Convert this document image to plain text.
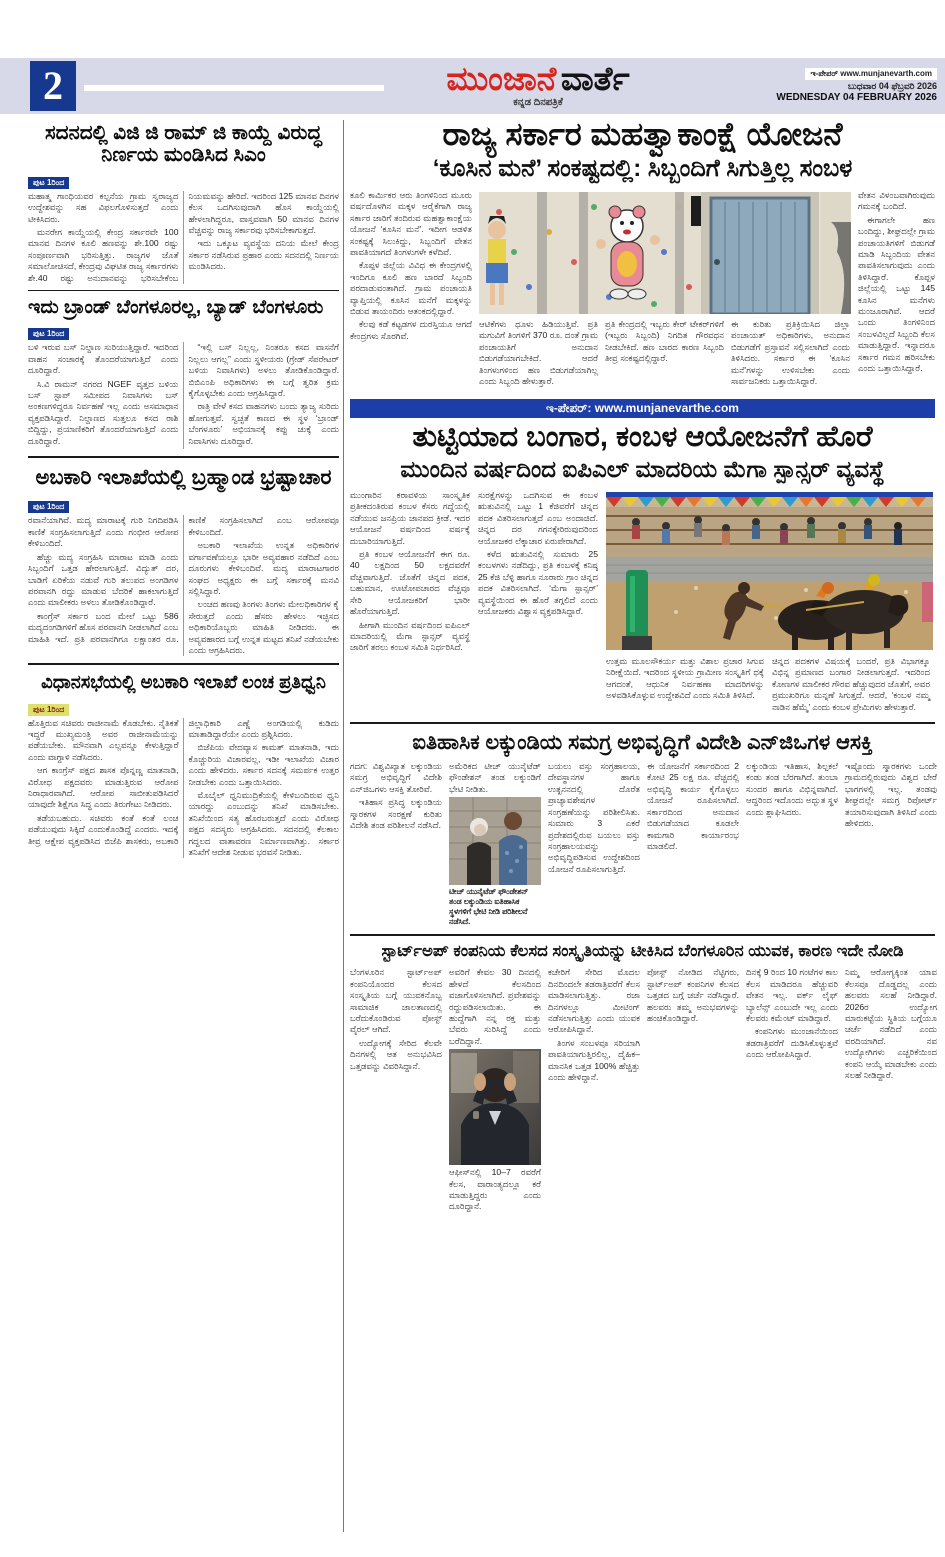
2	ಮುಂಜಾನೆ ವಾರ್ತೆ
ಕನ್ನಡ ದಿನಪತ್ರಿಕೆ
ಇ-ಪೇಪರ್ www.munjanevarth.com
ಬುಧವಾರ 04 ಫೆಬ್ರವರಿ 2026
WEDNESDAY 04 FEBRUARY 2026
ಸದನದಲ್ಲಿ ವಿಜಿ ಜಿ ರಾಮ್ ಜಿ ಕಾಯ್ದೆ ವಿರುದ್ಧ ನಿರ್ಣಯ ಮಂಡಿಸಿದ ಸಿಎಂ
ಪುಟ 1ರಿಂದ

ಮಹಾತ್ಮ ಗಾಂಧಿಯವರ ಕಲ್ಪನೆಯ ಗ್ರಾಮ ಸ್ವರಾಜ್ಯದ ಉದ್ದೇಶವನ್ನು ಸಹ ವಿಫಲಗೊಳಿಸುತ್ತದೆ ಎಂದು ಟೀಕಿಸಿದರು.

ಮನರೇಗ ಕಾಯ್ದೆಯಲ್ಲಿ ಕೇಂದ್ರ ಸರ್ಕಾರವೇ 100 ಮಾನವ ದಿನಗಳ ಕೂಲಿ ಹಣವನ್ನು ಶೇ.100 ರಷ್ಟು ಸಂಪೂರ್ಣವಾಗಿ ಭರಿಸುತ್ತಿತ್ತು. ರಾಜ್ಯಗಳ ಜೊತೆ ಸಮಾಲೋಚಿಸದೆ, ಕೇಂದ್ರವು ವಿಘಟಿತ ರಾಜ್ಯ ಸರ್ಕಾರಗಳು ಶೇ.40 ರಷ್ಟು ಅನುದಾನವನ್ನು ಭರಿಸಬೇಕೆಂಬ ನಿಯಮವನ್ನು ಹೇರಿದೆ. ಇದರಿಂದ 125 ಮಾನವ ದಿನಗಳ ಕೆಲಸ ಒದಗಿಸುವುದಾಗಿ ಹೊಸ ಕಾಯ್ದೆಯಲ್ಲಿ ಹೇಳಲಾಗಿದ್ದರೂ, ವಾಸ್ತವವಾಗಿ 50 ಮಾನವ ದಿನಗಳ ವೆಚ್ಚವನ್ನು ರಾಜ್ಯ ಸರ್ಕಾರವು ಭರಿಸಬೇಕಾಗುತ್ತದೆ.

ಇದು ಒಕ್ಕೂಟ ವ್ಯವಸ್ಥೆಯ ದನಿಯ ಮೇಲೆ ಕೇಂದ್ರ ಸರ್ಕಾರ ನಡೆಸಿರುವ ಪ್ರಹಾರ ಎಂದು ಸದನದಲ್ಲಿ ನಿರ್ಣಯ ಮಂಡಿಸಿದರು.

ಇದು ಬ್ರಾಂಡ್ ಬೆಂಗಳೂರಲ್ಲ, ಬ್ಯಾಡ್ ಬೆಂಗಳೂರು
ಪುಟ 1ರಿಂದ

ಬಳಿ ಇರುವ ಬಸ್ ನಿಲ್ದಾಣ ಸುರಿಯುತ್ತಿದ್ದಾರೆ. ಇದರಿಂದ ವಾಹನ ಸಂಚಾರಕ್ಕೆ ತೊಂದರೆಯಾಗುತ್ತಿದೆ ಎಂದು ದೂರಿದ್ದಾರೆ.

ಸಿ.ವಿ ರಾಮನ್ ನಗರದ NGEF ವೃತ್ತದ ಬಳಿಯ ಬಸ್ ಸ್ಟಾಪ್ ಸಮೀಪದ ನಿವಾಸಿಗಳು ಬಸ್ ಅಂಕಣಗಳಿದ್ದರೂ ನಿರ್ವಹಣೆ ಇಲ್ಲ ಎಂದು ಅಸಮಾಧಾನ ವ್ಯಕ್ತಪಡಿಸಿದ್ದಾರೆ. ನಿಲ್ದಾಣದ ಸುತ್ತಲೂ ಕಸದ ರಾಶಿ ಬಿದ್ದಿದ್ದು, ಪ್ರಯಾಣಿಕರಿಗೆ ತೊಂದರೆಯಾಗುತ್ತಿದೆ ಎಂದು ದೂರಿದ್ದಾರೆ.

“ಇಲ್ಲಿ ಬಸ್ ನಿಲ್ಲಲ್ಲ, ನಿಂತರೂ ಕಸದ ವಾಸನೆಗೆ ನಿಲ್ಲಲು ಆಗಲ್ಲ” ಎಂದು ಸ್ಥಳೀಯರು (ಗ್ರೇಡ್ ಸೆಪರೇಟರ್ ಬಳಿಯ ನಿವಾಸಿಗಳು) ಅಳಲು ತೋಡಿಕೊಂಡಿದ್ದಾರೆ. ಬಿಬಿಎಂಪಿ ಅಧಿಕಾರಿಗಳು ಈ ಬಗ್ಗೆ ತ್ವರಿತ ಕ್ರಮ ಕೈಗೊಳ್ಳಬೇಕು ಎಂದು ಆಗ್ರಹಿಸಿದ್ದಾರೆ.

ರಾತ್ರಿ ವೇಳೆ ಕಸದ ವಾಹನಗಳು ಬಂದು ತ್ಯಾಜ್ಯ ಸುರಿದು ಹೋಗುತ್ತವೆ. ಸ್ವಚ್ಛತೆ ಕಾಣದ ಈ ಸ್ಥಳ ‘ಬ್ರಾಂಡ್ ಬೆಂಗಳೂರು’ ಅಭಿಯಾನಕ್ಕೆ ಕಪ್ಪು ಚುಕ್ಕೆ ಎಂದು ನಿವಾಸಿಗಳು ದೂರಿದ್ದಾರೆ.

ಅಬಕಾರಿ ಇಲಾಖೆಯಲ್ಲಿ ಬ್ರಹ್ಮಾಂಡ ಭ್ರಷ್ಟಾಚಾರ
ಪುಟ 1ರಿಂದ

ರವಾನೆಯಾಗಿವೆ. ಮದ್ಯ ಮಾರಾಟಕ್ಕೆ ಗುರಿ ನಿಗದಿಪಡಿಸಿ ಕಾಣಿಕೆ ಸಂಗ್ರಹಿಸಲಾಗುತ್ತಿದೆ ಎಂದು ಗಂಭೀರ ಆರೋಪ ಕೇಳಿಬಂದಿದೆ.

ಹೆಚ್ಚು ಮದ್ಯ ಸಂಗ್ರಹಿಸಿ ಮಾರಾಟ ಮಾಡಿ ಎಂದು ಸಿಬ್ಬಂದಿಗೆ ಒತ್ತಡ ಹೇರಲಾಗುತ್ತಿದೆ. ವಿದ್ಯುತ್ ದರ, ಬಾಡಿಗೆ ಏರಿಕೆಯ ನಡುವೆ ಗುರಿ ತಲುಪದ ಅಂಗಡಿಗಳ ಪರವಾನಗಿ ರದ್ದು ಮಾಡುವ ಬೆದರಿಕೆ ಹಾಕಲಾಗುತ್ತಿದೆ ಎಂದು ಮಾಲೀಕರು ಅಳಲು ತೋಡಿಕೊಂಡಿದ್ದಾರೆ.

ಕಾಂಗ್ರೆಸ್ ಸರ್ಕಾರ ಬಂದ ಮೇಲೆ ಒಟ್ಟು 586 ಮದ್ಯದಂಗಡಿಗಳಿಗೆ ಹೊಸ ಪರವಾನಗಿ ನೀಡಲಾಗಿದೆ ಎಂಬ ಮಾಹಿತಿ ಇದೆ. ಪ್ರತಿ ಪರವಾನಗಿಗೂ ಲಕ್ಷಾಂತರ ರೂ. ಕಾಣಿಕೆ ಸಂಗ್ರಹಿಸಲಾಗಿದೆ ಎಂಬ ಆರೋಪವೂ ಕೇಳಿಬಂದಿದೆ.

ಅಬಕಾರಿ ಇಲಾಖೆಯ ಉನ್ನತ ಅಧಿಕಾರಿಗಳ ವರ್ಗಾವಣೆಯಲ್ಲೂ ಭಾರೀ ಅವ್ಯವಹಾರ ನಡೆದಿದೆ ಎಂಬ ದೂರುಗಳು ಕೇಳಿಬಂದಿವೆ. ಮದ್ಯ ಮಾರಾಟಗಾರರ ಸಂಘದ ಅಧ್ಯಕ್ಷರು ಈ ಬಗ್ಗೆ ಸರ್ಕಾರಕ್ಕೆ ಮನವಿ ಸಲ್ಲಿಸಿದ್ದಾರೆ.

ಲಂಚದ ಹಣವು ತಿಂಗಳು ತಿಂಗಳು ಮೇಲಧಿಕಾರಿಗಳ ಕೈ ಸೇರುತ್ತದೆ ಎಂದು ಹೆಸರು ಹೇಳಲು ಇಚ್ಛಿಸದ ಅಧಿಕಾರಿಯೊಬ್ಬರು ಮಾಹಿತಿ ನೀಡಿದರು. ಈ ಅವ್ಯವಹಾರದ ಬಗ್ಗೆ ಉನ್ನತ ಮಟ್ಟದ ತನಿಖೆ ನಡೆಯಬೇಕು ಎಂದು ಆಗ್ರಹಿಸಿದರು.

ವಿಧಾನಸಭೆಯಲ್ಲಿ ಅಬಕಾರಿ ಇಲಾಖೆ ಲಂಚ ಪ್ರತಿಧ್ವನಿ
ಪುಟ 1ರಿಂದ

ಹೊತ್ತಿರುವ ಸಚಿವರು ರಾಜೀನಾಮೆ ಕೊಡಬೇಕು. ನೈತಿಕತೆ ಇದ್ದರೆ ಮುಖ್ಯಮಂತ್ರಿ ಅವರ ರಾಜೀನಾಮೆಯನ್ನು ಪಡೆಯಬೇಕು. ಮೌನವಾಗಿ ಎಲ್ಲವನ್ನೂ ಕೇಳುತ್ತಿದ್ದಾರೆ ಎಂದು ವಾಗ್ದಾಳಿ ನಡೆಸಿದರು.

ಆಗ ಕಾಂಗ್ರೆಸ್ ಪಕ್ಷದ ಶಾಸಕ ಪೊನ್ನಣ್ಣ ಮಾತನಾಡಿ, ವಿರೋಧ ಪಕ್ಷದವರು ಮಾಡುತ್ತಿರುವ ಆರೋಪ ನಿರಾಧಾರವಾಗಿದೆ. ಆರೋಪ ಸಾಬೀತುಪಡಿಸಿದರೆ ಯಾವುದೇ ಶಿಕ್ಷೆಗೂ ಸಿದ್ಧ ಎಂದು ತಿರುಗೇಟು ನೀಡಿದರು.

ತಡೆಯಬಹುದು. ಸಚಿವರು ಕಂತೆ ಕಂತೆ ಲಂಚ ಪಡೆಯುವುದು ಸಿಕ್ಕಿದೆ ಎಂದುಕೊಂಡಿದ್ದೆ ಎಂದರು. ಇದಕ್ಕೆ ತೀವ್ರ ಆಕ್ಷೇಪ ವ್ಯಕ್ತಪಡಿಸಿದ ಬಿಜೆಪಿ ಶಾಸಕರು, ಅಬಕಾರಿ ಜಿಲ್ಲಾಧಿಕಾರಿ ಎಣ್ಣೆ ಅಂಗಡಿಯಲ್ಲಿ ಕುಡಿದು ಮಾತಾಡಿದ್ದಾರೆಯೇ ಎಂದು ಪ್ರಶ್ನಿಸಿದರು.

ಬಿಜೆಪಿಯ ವೇದವ್ಯಾಸ ಕಾಮತ್ ಮಾತನಾಡಿ, ಇದು ಕೊಚ್ಚುರಿಯ ವಿಚಾರವಲ್ಲ, ಇಡೀ ಇಲಾಖೆಯ ವಿಚಾರ ಎಂದು ಹೇಳಿದರು. ಸರ್ಕಾರ ಸದನಕ್ಕೆ ಸಮರ್ಪಕ ಉತ್ತರ ನೀಡಬೇಕು ಎಂದು ಒತ್ತಾಯಿಸಿದರು.

ಮೊಬೈಲ್ ಧ್ವನಿಮುದ್ರಿಕೆಯಲ್ಲಿ ಕೇಳಿಬಂದಿರುವ ಧ್ವನಿ ಯಾರದ್ದು ಎಂಬುದನ್ನು ತನಿಖೆ ಮಾಡಿಸಬೇಕು. ತನಿಖೆಯಿಂದ ಸತ್ಯ ಹೊರಬರುತ್ತದೆ ಎಂದು ವಿರೋಧ ಪಕ್ಷದ ಸದಸ್ಯರು ಆಗ್ರಹಿಸಿದರು. ಸದನದಲ್ಲಿ ಕೆಲಕಾಲ ಗದ್ದಲದ ವಾತಾವರಣ ನಿರ್ಮಾಣವಾಗಿತ್ತು. ಸರ್ಕಾರ ತನಿಖೆಗೆ ಆದೇಶ ನೀಡುವ ಭರವಸೆ ನೀಡಿತು.

ರಾಜ್ಯ ಸರ್ಕಾರ ಮಹತ್ವಾಕಾಂಕ್ಷೆ ಯೋಜನೆ
‘ಕೂಸಿನ ಮನೆ’ ಸಂಕಷ್ಟದಲ್ಲಿ: ಸಿಬ್ಬಂದಿಗೆ ಸಿಗುತ್ತಿಲ್ಲ ಸಂಬಳ

ಕೂಲಿ ಕಾರ್ಮಿಕರ ಆರು ತಿಂಗಳಿನಿಂದ ಮೂರು ವರ್ಷದೊಳಗಿನ ಮಕ್ಕಳ ಆರೈಕೆಗಾಗಿ ರಾಜ್ಯ ಸರ್ಕಾರ ಜಾರಿಗೆ ತಂದಿರುವ ಮಹತ್ವಾಕಾಂಕ್ಷೆಯ ಯೋಜನೆ ‘ಕೂಸಿನ ಮನೆ’. ಇದೀಗ ಆಡಳಿತ ಸಂಕಷ್ಟಕ್ಕೆ ಸಿಲುಕಿದ್ದು, ಸಿಬ್ಬಂದಿಗೆ ವೇತನ ಪಾವತಿಯಾಗದೆ ತಿಂಗಳುಗಳೇ ಕಳೆದಿವೆ.

ಕೊಪ್ಪಳ ಜಿಲ್ಲೆಯ ವಿವಿಧ ಈ ಕೇಂದ್ರಗಳಲ್ಲಿ ಇಂದಿಗೂ ಕೂಲಿ ಹಣ ಬಾರದೆ ಸಿಬ್ಬಂದಿ ಪರದಾಡುವಂತಾಗಿದೆ. ಗ್ರಾಮ ಪಂಚಾಯತಿ ವ್ಯಾಪ್ತಿಯಲ್ಲಿ ಕೂಸಿನ ಮನೆಗೆ ಮಕ್ಕಳನ್ನು ಬಿಡುವ ತಾಯಂದಿರು ಆತಂಕದಲ್ಲಿದ್ದಾರೆ.

ಕೆಲವು ಕಡೆ ಕಟ್ಟಡಗಳ ದುರಸ್ತಿಯೂ ಆಗದೆ ಕೇಂದ್ರಗಳು ಸೊರಗಿವೆ.

ಆಟಿಕೆಗಳು ಧೂಳು ಹಿಡಿಯುತ್ತಿವೆ. ಪ್ರತಿ ಮಗುವಿಗೆ ತಿಂಗಳಿಗೆ 370 ರೂ. ದಂತೆ ಗ್ರಾಮ ಪಂಚಾಯತಿಗೆ ಅನುದಾನ ಬಿಡುಗಡೆಯಾಗಬೇಕಿದೆ. ಆದರೆ ತಿಂಗಳುಗಳಿಂದ ಹಣ ಬಿಡುಗಡೆಯಾಗಿಲ್ಲ ಎಂದು ಸಿಬ್ಬಂದಿ ಹೇಳುತ್ತಾರೆ.

ಪ್ರತಿ ಕೇಂದ್ರದಲ್ಲಿ ಇಬ್ಬರು ಕೇರ್ ಟೇಕರ್‌ಗಳಿಗೆ (ಇಬ್ಬರು ಸಿಬ್ಬಂದಿ) ನಿಗದಿತ ಗೌರವಧನ ನೀಡಬೇಕಿದೆ. ಹಣ ಬಾರದ ಕಾರಣ ಸಿಬ್ಬಂದಿ ತೀವ್ರ ಸಂಕಷ್ಟದಲ್ಲಿದ್ದಾರೆ.

ಈ ಕುರಿತು ಪ್ರತಿಕ್ರಿಯಿಸಿದ ಜಿಲ್ಲಾ ಪಂಚಾಯತ್ ಅಧಿಕಾರಿಗಳು, ಅನುದಾನ ಬಿಡುಗಡೆಗೆ ಪ್ರಸ್ತಾವನೆ ಸಲ್ಲಿಸಲಾಗಿದೆ ಎಂದು ತಿಳಿಸಿದರು. ಸರ್ಕಾರ ಈ ‘ಕೂಸಿನ ಮನೆ’ಗಳನ್ನು ಉಳಿಸಬೇಕು ಎಂದು ಸಾರ್ವಜನಿಕರು ಒತ್ತಾಯಿಸಿದ್ದಾರೆ.

ವೇತನ ವಿಳಂಬವಾಗಿರುವುದು ಗಮನಕ್ಕೆ ಬಂದಿದೆ.

ಈಗಾಗಲೇ ಹಣ ಬಂದಿದ್ದು, ಶೀಘ್ರದಲ್ಲೇ ಗ್ರಾಮ ಪಂಚಾಯತಿಗಳಿಗೆ ಬಿಡುಗಡೆ ಮಾಡಿ ಸಿಬ್ಬಂದಿಯ ವೇತನ ಪಾವತಿಸಲಾಗುವುದು ಎಂದು ತಿಳಿಸಿದ್ದಾರೆ. ಕೊಪ್ಪಳ ಜಿಲ್ಲೆಯಲ್ಲಿ ಒಟ್ಟು 145 ಕೂಸಿನ ಮನೆಗಳು ಮಂಜೂರಾಗಿವೆ. ಆದರೆ ಒಂದು ತಿಂಗಳಿನಿಂದ ಸಂಬಳವಿಲ್ಲದೆ ಸಿಬ್ಬಂದಿ ಕೆಲಸ ಮಾಡುತ್ತಿದ್ದಾರೆ. ಇನ್ನಾದರೂ ಸರ್ಕಾರ ಗಮನ ಹರಿಸಬೇಕು ಎಂದು ಒತ್ತಾಯಿಸಿದ್ದಾರೆ.

ಇ-ಪೇಪರ್: www.munjanevarthe.com
ತುಟ್ಟಿಯಾದ ಬಂಗಾರ, ಕಂಬಳ ಆಯೋಜನೆಗೆ ಹೊರೆ
ಮುಂದಿನ ವರ್ಷದಿಂದ ಐಪಿಎಲ್ ಮಾದರಿಯ ಮೆಗಾ ಸ್ಪಾನ್ಸರ್ ವ್ಯವಸ್ಥೆ

ಮುಂಗಾರಿನ ಕರಾವಳಿಯ ಸಾಂಸ್ಕೃತಿಕ ಪ್ರತೀಕದಂತಿರುವ ಕಂಬಳ ಕೆಸರು ಗದ್ದೆಯಲ್ಲಿ ನಡೆಯುವ ಜನಪ್ರಿಯ ಜಾನಪದ ಕ್ರೀಡೆ. ಇದರ ಆಯೋಜನೆ ವರ್ಷದಿಂದ ವರ್ಷಕ್ಕೆ ದುಬಾರಿಯಾಗುತ್ತಿದೆ.

ಪ್ರತಿ ಕಂಬಳ ಆಯೋಜನೆಗೆ ಈಗ ರೂ. 40 ಲಕ್ಷದಿಂದ 50 ಲಕ್ಷದವರೆಗೆ ವೆಚ್ಚವಾಗುತ್ತಿದೆ. ಜೊತೆಗೆ ಚಿನ್ನದ ಪದಕ, ಬಹುಮಾನ, ಊಟೋಪಚಾರದ ವೆಚ್ಚವೂ ಸೇರಿ ಆಯೋಜಕರಿಗೆ ಭಾರೀ ಹೊರೆಯಾಗುತ್ತಿದೆ.

ಹೀಗಾಗಿ ಮುಂದಿನ ವರ್ಷದಿಂದ ಐಪಿಎಲ್ ಮಾದರಿಯಲ್ಲಿ ಮೆಗಾ ಸ್ಪಾನ್ಸರ್ ವ್ಯವಸ್ಥೆ ಜಾರಿಗೆ ತರಲು ಕಂಬಳ ಸಮಿತಿ ನಿರ್ಧರಿಸಿದೆ.

ಸುರಕ್ಷೆಗಳನ್ನು ಒದಗಿಸುವ ಈ ಕಂಬಳ ಋತುವಿನಲ್ಲಿ ಒಟ್ಟು 1 ಕೆಜಿವರೆಗೆ ಚಿನ್ನದ ಪದಕ ವಿತರಿಸಲಾಗುತ್ತದೆ ಎಂಬ ಅಂದಾಜಿದೆ. ಚಿನ್ನದ ದರ ಗಗನಕ್ಕೇರಿರುವುದರಿಂದ ಆಯೋಜಕರ ಲೆಕ್ಕಾಚಾರ ಏರುಪೇರಾಗಿದೆ.

ಕಳೆದ ಋತುವಿನಲ್ಲಿ ಸುಮಾರು 25 ಕಂಬಳಗಳು ನಡೆದಿದ್ದು, ಪ್ರತಿ ಕಂಬಳಕ್ಕೆ ಕನಿಷ್ಠ 25 ಕೆಜಿ ಬೆಳ್ಳಿ ಹಾಗೂ ನೂರಾರು ಗ್ರಾಂ ಚಿನ್ನದ ಪದಕ ವಿತರಿಸಲಾಗಿದೆ. ‘ಮೆಗಾ ಸ್ಪಾನ್ಸರ್’ ವ್ಯವಸ್ಥೆಯಿಂದ ಈ ಹೊರೆ ತಗ್ಗಲಿದೆ ಎಂದು ಆಯೋಜಕರು ವಿಶ್ವಾಸ ವ್ಯಕ್ತಪಡಿಸಿದ್ದಾರೆ.

ಉತ್ತಮ ಮೂಲಸೌಕರ್ಯ ಮತ್ತು ವಿಶಾಲ ಪ್ರಚಾರ ಸಿಗುವ ನಿರೀಕ್ಷೆಯಿದೆ. ಇದರಿಂದ ಸ್ಥಳೀಯ ಗ್ರಾಮೀಣ ಸಂಸ್ಕೃತಿಗೆ ಧಕ್ಕೆ ಆಗದಂತೆ, ಆಧುನಿಕ ನಿರ್ವಹಣಾ ಮಾದರಿಗಳನ್ನು ಅಳವಡಿಸಿಕೊಳ್ಳುವ ಉದ್ದೇಶವಿದೆ ಎಂದು ಸಮಿತಿ ತಿಳಿಸಿದೆ.

ಚಿನ್ನದ ಪದಕಗಳ ವಿಷಯಕ್ಕೆ ಬಂದರೆ, ಪ್ರತಿ ವಿಭಾಗಕ್ಕೂ ವಿಭಿನ್ನ ಪ್ರಮಾಣದ ಬಂಗಾರ ನೀಡಲಾಗುತ್ತದೆ. ಇದರಿಂದ ಕೋಣಗಳ ಮಾಲೀಕರ ಗೌರವ ಹೆಚ್ಚುವುದರ ಜೊತೆಗೆ, ಅವರ ಪ್ರಮುಖರಿಗೂ ಮನ್ನಣೆ ಸಿಗುತ್ತದೆ. ಆದರೆ, ‘ಕಂಬಳ ನಮ್ಮ ನಾಡಿನ ಹೆಮ್ಮೆ’ ಎಂದು ಕಂಬಳ ಪ್ರೇಮಿಗಳು ಹೇಳುತ್ತಾರೆ.

ಐತಿಹಾಸಿಕ ಲಕ್ಕುಂಡಿಯ ಸಮಗ್ರ ಅಭಿವೃದ್ಧಿಗೆ ವಿದೇಶಿ ಎನ್‌ಜಿಒಗಳ ಆಸಕ್ತಿ

ಗದಗ: ವಿಶ್ವವಿಖ್ಯಾತ ಲಕ್ಕುಂಡಿಯ ಸಮಗ್ರ ಅಭಿವೃದ್ಧಿಗೆ ವಿದೇಶಿ ಎನ್‌ಜಿಒಗಳು ಆಸಕ್ತಿ ತೋರಿವೆ.

ಇತಿಹಾಸ ಪ್ರಸಿದ್ಧ ಲಕ್ಕುಂಡಿಯ ಸ್ಮಾರಕಗಳ ಸಂರಕ್ಷಣೆ ಕುರಿತು ವಿದೇಶಿ ತಂಡ ಪರಿಶೀಲನೆ ನಡೆಸಿದೆ.

ಅಮೆರಿಕದ ಟೀಚ್ ಯುನೈಟೆಡ್ ಫೌಂಡೇಶನ್ ತಂಡ ಲಕ್ಕುಂಡಿಗೆ ಭೇಟಿ ನೀಡಿತು.

ಟೀಚ್ ಯುನೈಟೆಡ್ ಫೌಂಡೇಶನ್ ತಂಡ ಲಕ್ಕುಂಡಿಯ ಐತಿಹಾಸಿಕ ಸ್ಥಳಗಳಿಗೆ ಭೇಟಿ ನೀಡಿ ಪರಿಶೀಲನೆ ನಡೆಸಿದೆ.

ಬಯಲು ವಸ್ತು ಸಂಗ್ರಹಾಲಯ, ದೇವಸ್ಥಾನಗಳ ಹಾಗೂ ಉತ್ಖನನದಲ್ಲಿ ದೊರೆತ ಪ್ರಾಚ್ಯಾವಶೇಷಗಳ ಸಂಗ್ರಹಣೆಯನ್ನು ಪರಿಶೀಲಿಸಿತು. ಸುಮಾರು 3 ಎಕರೆ ಪ್ರದೇಶದಲ್ಲಿರುವ ಬಯಲು ವಸ್ತು ಸಂಗ್ರಹಾಲಯವನ್ನು ಅಭಿವೃದ್ಧಿಪಡಿಸುವ ಉದ್ದೇಶದಿಂದ ಯೋಜನೆ ರೂಪಿಸಲಾಗುತ್ತಿದೆ.

ಈ ಯೋಜನೆಗೆ ಸರ್ಕಾರದಿಂದ 2 ಕೋಟಿ 25 ಲಕ್ಷ ರೂ. ವೆಚ್ಚದಲ್ಲಿ ಅಭಿವೃದ್ಧಿ ಕಾರ್ಯ ಕೈಗೊಳ್ಳಲು ಯೋಜನೆ ರೂಪಿಸಲಾಗಿದೆ. ಸರ್ಕಾರದಿಂದ ಅನುದಾನ ಬಿಡುಗಡೆಯಾದ ಕೂಡಲೇ ಕಾಮಗಾರಿ ಕಾರ್ಯಾರಂಭ ಮಾಡಲಿದೆ.

ಲಕ್ಕುಂಡಿಯ ಇತಿಹಾಸ, ಶಿಲ್ಪಕಲೆ ಕಂಡು ತಂಡ ಬೆರಗಾಗಿದೆ. ತುಂಬಾ ಸುಂದರ ಹಾಗೂ ವಿಭಿನ್ನವಾಗಿದೆ. ಆದ್ದರಿಂದ ಇದೊಂದು ಅದ್ಭುತ ಸ್ಥಳ ಎಂದು ಶ್ಲಾಘಿಸಿದರು.

ಇಷ್ಟೊಂದು ಸ್ಮಾರಕಗಳು ಒಂದೇ ಗ್ರಾಮದಲ್ಲಿರುವುದು ವಿಶ್ವದ ಬೇರೆ ಭಾಗಗಳಲ್ಲಿ ಇಲ್ಲ. ತಂಡವು ಶೀಘ್ರದಲ್ಲೇ ಸಮಗ್ರ ರಿಪೋರ್ಟ್ ತಯಾರಿಸುವುದಾಗಿ ತಿಳಿಸಿದೆ ಎಂದು ಹೇಳಿದರು.

ಸ್ಟಾರ್ಟ್‌ಅಪ್ ಕಂಪನಿಯ ಕೆಲಸದ ಸಂಸ್ಕೃತಿಯನ್ನು ಟೀಕಿಸಿದ ಬೆಂಗಳೂರಿನ ಯುವಕ, ಕಾರಣ ಇದೇ ನೋಡಿ

ಬೆಂಗಳೂರಿನ ಸ್ಟಾರ್ಟ್‌ಅಪ್ ಕಂಪನಿಯೊಂದರ ಕೆಲಸದ ಸಂಸ್ಕೃತಿಯ ಬಗ್ಗೆ ಯುವಕನೊಬ್ಬ ಸಾಮಾಜಿಕ ಜಾಲತಾಣದಲ್ಲಿ ಬರೆದುಕೊಂಡಿರುವ ಪೋಸ್ಟ್ ವೈರಲ್ ಆಗಿದೆ.

ಉದ್ಯೋಗಕ್ಕೆ ಸೇರಿದ ಕೆಲವೇ ದಿನಗಳಲ್ಲಿ ಆತ ಅನುಭವಿಸಿದ ಒತ್ತಡವನ್ನು ವಿವರಿಸಿದ್ದಾನೆ.

ಅವರಿಗೆ ಕೇವಲ 30 ದಿನದಲ್ಲಿ ಹೇಳದೆ ಕೆಲಸದಿಂದ ವಜಾಗೊಳಿಸಲಾಗಿದೆ. ಪ್ರವೇಶವನ್ನು ರದ್ದುಪಡಿಸಲಾಯಿತು. ಈ ಹುದ್ದೆಗಾಗಿ ನನ್ನ ರಕ್ತ ಮತ್ತು ಬೆವರು ಸುರಿಸಿದ್ದೆ ಎಂದು ಬರೆದಿದ್ದಾನೆ.

ಆಫೀಸ್‌ನಲ್ಲಿ 10–7 ರವರೆಗೆ ಕೆಲಸ, ವಾರಾಂತ್ಯದಲ್ಲೂ ಕರೆ ಮಾಡುತ್ತಿದ್ದರು ಎಂದು ದೂರಿದ್ದಾನೆ.

ಕಚೇರಿಗೆ ಸೇರಿದ ಮೊದಲ ದಿನದಿಂದಲೇ ತಡರಾತ್ರಿವರೆಗೆ ಕೆಲಸ ಮಾಡಿಸಲಾಗುತ್ತಿತ್ತು. ರಜಾ ದಿನಗಳಲ್ಲೂ ಮೀಟಿಂಗ್ ನಡೆಸಲಾಗುತ್ತಿತ್ತು ಎಂದು ಯುವಕ ಆರೋಪಿಸಿದ್ದಾನೆ.

ತಿಂಗಳ ಸಂಬಳವೂ ಸರಿಯಾಗಿ ಪಾವತಿಯಾಗುತ್ತಿರಲಿಲ್ಲ, ದೈಹಿಕ–ಮಾನಸಿಕ ಒತ್ತಡ 100% ಹೆಚ್ಚಿತ್ತು ಎಂದು ಹೇಳಿದ್ದಾನೆ.

ಪೋಸ್ಟ್ ನೋಡಿದ ನೆಟ್ಟಿಗರು, ಸ್ಟಾರ್ಟ್‌ಅಪ್ ಕಂಪನಿಗಳ ಕೆಲಸದ ಒತ್ತಡದ ಬಗ್ಗೆ ಚರ್ಚೆ ನಡೆಸಿದ್ದಾರೆ. ಹಲವರು ತಮ್ಮ ಅನುಭವಗಳನ್ನು ಹಂಚಿಕೊಂಡಿದ್ದಾರೆ.

ದಿನಕ್ಕೆ 9 ರಿಂದ 10 ಗಂಟೆಗಳ ಕಾಲ ಕೆಲಸ ಮಾಡಿದರೂ ಹೆಚ್ಚುವರಿ ವೇತನ ಇಲ್ಲ. ವರ್ಕ್ ಲೈಫ್ ಬ್ಯಾಲೆನ್ಸ್ ಎಂಬುದೇ ಇಲ್ಲ ಎಂದು ಕೆಲವರು ಕಮೆಂಟ್ ಮಾಡಿದ್ದಾರೆ.

ಕಂಪನಿಗಳು ಮುಂಜಾನೆಯಿಂದ ತಡರಾತ್ರಿವರೆಗೆ ದುಡಿಸಿಕೊಳ್ಳುತ್ತವೆ ಎಂದು ಆರೋಪಿಸಿದ್ದಾರೆ.

ನಿಮ್ಮ ಆರೋಗ್ಯಕ್ಕಿಂತ ಯಾವ ಕೆಲಸವೂ ದೊಡ್ಡದಲ್ಲ ಎಂದು ಹಲವರು ಸಲಹೆ ನೀಡಿದ್ದಾರೆ. 2026ರ ಉದ್ಯೋಗ ಮಾರುಕಟ್ಟೆಯ ಸ್ಥಿತಿಯ ಬಗ್ಗೆಯೂ ಚರ್ಚೆ ನಡೆದಿದೆ ಎಂದು ವರದಿಯಾಗಿದೆ. ನವ ಉದ್ಯೋಗಿಗಳು ಎಚ್ಚರಿಕೆಯಿಂದ ಕಂಪನಿ ಆಯ್ಕೆ ಮಾಡಬೇಕು ಎಂದು ಸಲಹೆ ನೀಡಿದ್ದಾರೆ.
